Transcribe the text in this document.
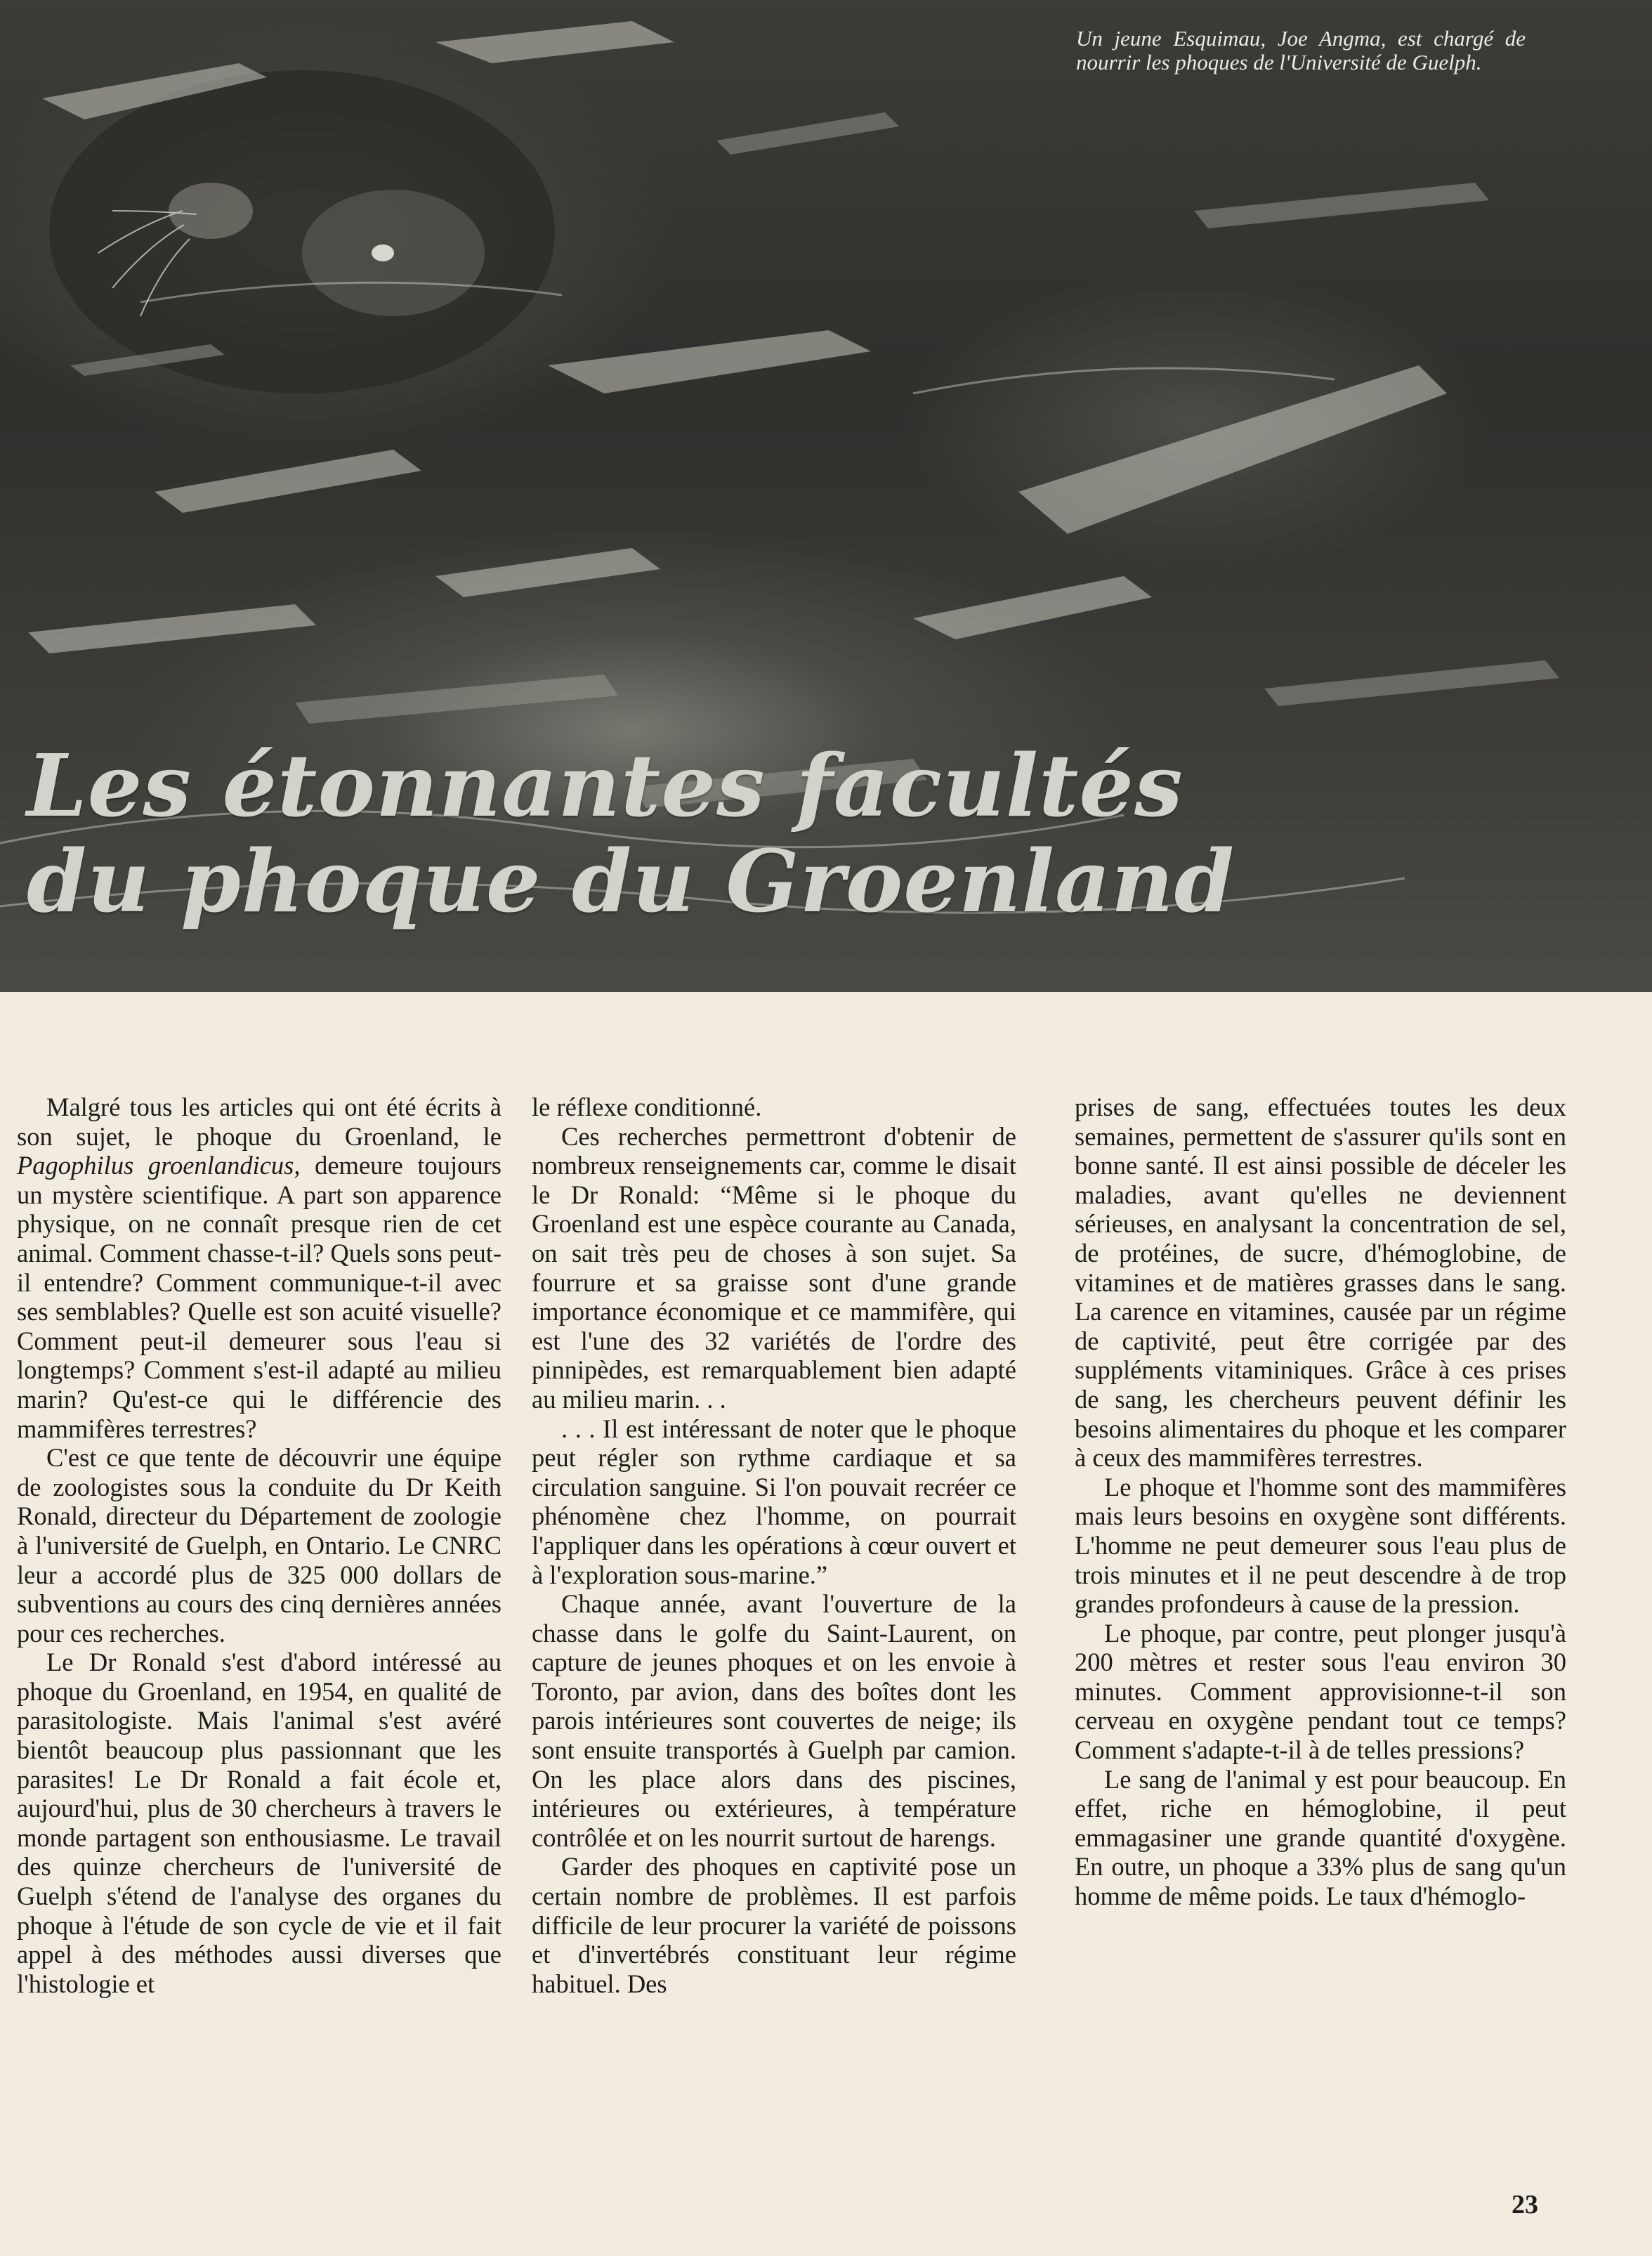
Un jeune Esquimau, Joe Angma, est chargé de nourrir les phoques de l'Université de Guelph.

Les étonnantes facultés
du phoque du Groenland

Malgré tous les articles qui ont été écrits à son sujet, le phoque du Groenland, le Pagophilus groenlandicus, demeure toujours un mystère scientifique. A part son apparence physique, on ne connaît presque rien de cet animal. Comment chasse-t-il? Quels sons peut-il entendre? Comment communique-t-il avec ses semblables? Quelle est son acuité visuelle? Comment peut-il demeurer sous l'eau si longtemps? Comment s'est-il adapté au milieu marin? Qu'est-ce qui le différencie des mammifères terrestres?

C'est ce que tente de découvrir une équipe de zoologistes sous la conduite du Dr Keith Ronald, directeur du Département de zoologie à l'université de Guelph, en Ontario. Le CNRC leur a accordé plus de 325 000 dollars de subventions au cours des cinq dernières années pour ces recherches.

Le Dr Ronald s'est d'abord intéressé au phoque du Groenland, en 1954, en qualité de parasitologiste. Mais l'animal s'est avéré bientôt beaucoup plus passionnant que les parasites! Le Dr Ronald a fait école et, aujourd'hui, plus de 30 chercheurs à travers le monde partagent son enthousiasme. Le travail des quinze chercheurs de l'université de Guelph s'étend de l'analyse des organes du phoque à l'étude de son cycle de vie et il fait appel à des méthodes aussi diverses que l'histologie et

le réflexe conditionné.

Ces recherches permettront d'obtenir de nombreux renseignements car, comme le disait le Dr Ronald: “Même si le phoque du Groenland est une espèce courante au Canada, on sait très peu de choses à son sujet. Sa fourrure et sa graisse sont d'une grande importance économique et ce mammifère, qui est l'une des 32 variétés de l'ordre des pinnipèdes, est remarquablement bien adapté au milieu marin. . .

. . . Il est intéressant de noter que le phoque peut régler son rythme cardiaque et sa circulation sanguine. Si l'on pouvait recréer ce phénomène chez l'homme, on pourrait l'appliquer dans les opérations à cœur ouvert et à l'exploration sous-marine.”

Chaque année, avant l'ouverture de la chasse dans le golfe du Saint-Laurent, on capture de jeunes phoques et on les envoie à Toronto, par avion, dans des boîtes dont les parois intérieures sont couvertes de neige; ils sont ensuite transportés à Guelph par camion. On les place alors dans des piscines, intérieures ou extérieures, à température contrôlée et on les nourrit surtout de harengs.

Garder des phoques en captivité pose un certain nombre de problèmes. Il est parfois difficile de leur procurer la variété de poissons et d'invertébrés constituant leur régime habituel. Des

prises de sang, effectuées toutes les deux semaines, permettent de s'assurer qu'ils sont en bonne santé. Il est ainsi possible de déceler les maladies, avant qu'elles ne deviennent sérieuses, en analysant la concentration de sel, de protéines, de sucre, d'hémoglobine, de vitamines et de matières grasses dans le sang. La carence en vitamines, causée par un régime de captivité, peut être corrigée par des suppléments vitaminiques. Grâce à ces prises de sang, les chercheurs peuvent définir les besoins alimentaires du phoque et les comparer à ceux des mammifères terrestres.

Le phoque et l'homme sont des mammifères mais leurs besoins en oxygène sont différents. L'homme ne peut demeurer sous l'eau plus de trois minutes et il ne peut descendre à de trop grandes profondeurs à cause de la pression.

Le phoque, par contre, peut plonger jusqu'à 200 mètres et rester sous l'eau environ 30 minutes. Comment approvisionne-t-il son cerveau en oxygène pendant tout ce temps? Comment s'adapte-t-il à de telles pressions?

Le sang de l'animal y est pour beaucoup. En effet, riche en hémoglobine, il peut emmagasiner une grande quantité d'oxygène. En outre, un phoque a 33% plus de sang qu'un homme de même poids. Le taux d'hémoglo-

23
